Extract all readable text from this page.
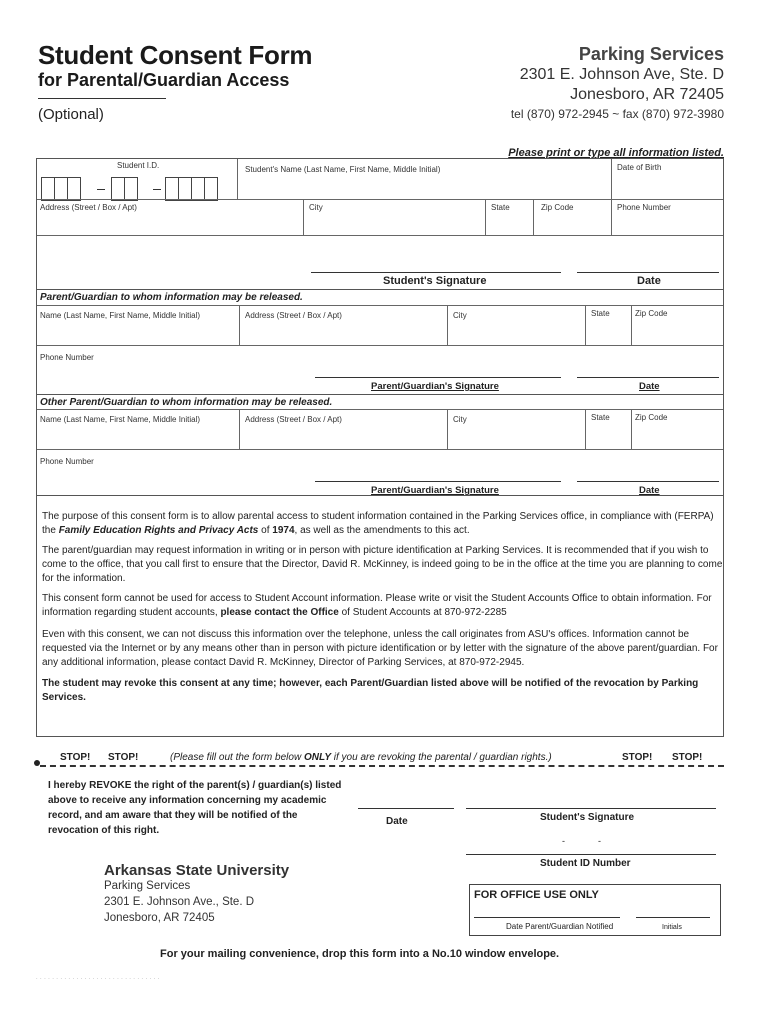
Student Consent Form
for Parental/Guardian Access
(Optional)
Parking Services
2301 E. Johnson Ave, Ste. D
Jonesboro, AR 72405
tel (870) 972-2945 ~ fax (870) 972-3980
Please print or type all information listed.
Student I.D.	Student's Name (Last Name, First Name, Middle Initial)	Date of Birth
Address (Street / Box / Apt)	City	State	Zip Code	Phone Number
Student's Signature	Date
Parent/Guardian to whom information may be released.
Name (Last Name, First Name, Middle Initial)	Address (Street / Box / Apt)	City	State	Zip Code
Phone Number
Parent/Guardian's Signature	Date
Other Parent/Guardian to whom information may be released.
Name (Last Name, First Name, Middle Initial)	Address (Street / Box / Apt)	City	State	Zip Code
Phone Number
Parent/Guardian's Signature	Date
The purpose of this consent form is to allow parental access to student information contained in the Parking Services office, in compliance with (FERPA) the Family Education Rights and Privacy Acts of 1974, as well as the amendments to this act.
The parent/guardian may request information in writing or in person with picture identification at Parking Services. It is recommended that if you wish to come to the office, that you call first to ensure that the Director, David R. McKinney, is indeed going to be in the office at the time you are planning to come for the information.
This consent form cannot be used for access to Student Account information. Please write or visit the Student Accounts Office to obtain information. For information regarding student accounts, please contact the Office of Student Accounts at 870-972-2285
Even with this consent, we can not discuss this information over the telephone, unless the call originates from ASU's offices. Information cannot be requested via the Internet or by any means other than in person with picture identification or by letter with the signature of the above parent/guardian. For any additional information, please contact David R. McKinney, Director of Parking Services, at 870-972-2945.
The student may revoke this consent at any time; however, each Parent/Guardian listed above will be notified of the revocation by Parking Services.
STOP! STOP!	(Please fill out the form below ONLY if you are revoking the parental / guardian rights.)	STOP! STOP!
I hereby REVOKE the right of the parent(s) / guardian(s) listed above to receive any information concerning my academic record, and am aware that they will be notified of the revocation of this right.
Date	Student's Signature
-	-
Student ID Number
Arkansas State University
Parking Services
2301 E. Johnson Ave., Ste. D
Jonesboro, AR 72405
FOR OFFICE USE ONLY
Date Parent/Guardian Notified	Initials
For your mailing convenience, drop this form into a No.10 window envelope.
· · · · · · · · · · · · · · · · · · · · · · · · · · · · · · ·
